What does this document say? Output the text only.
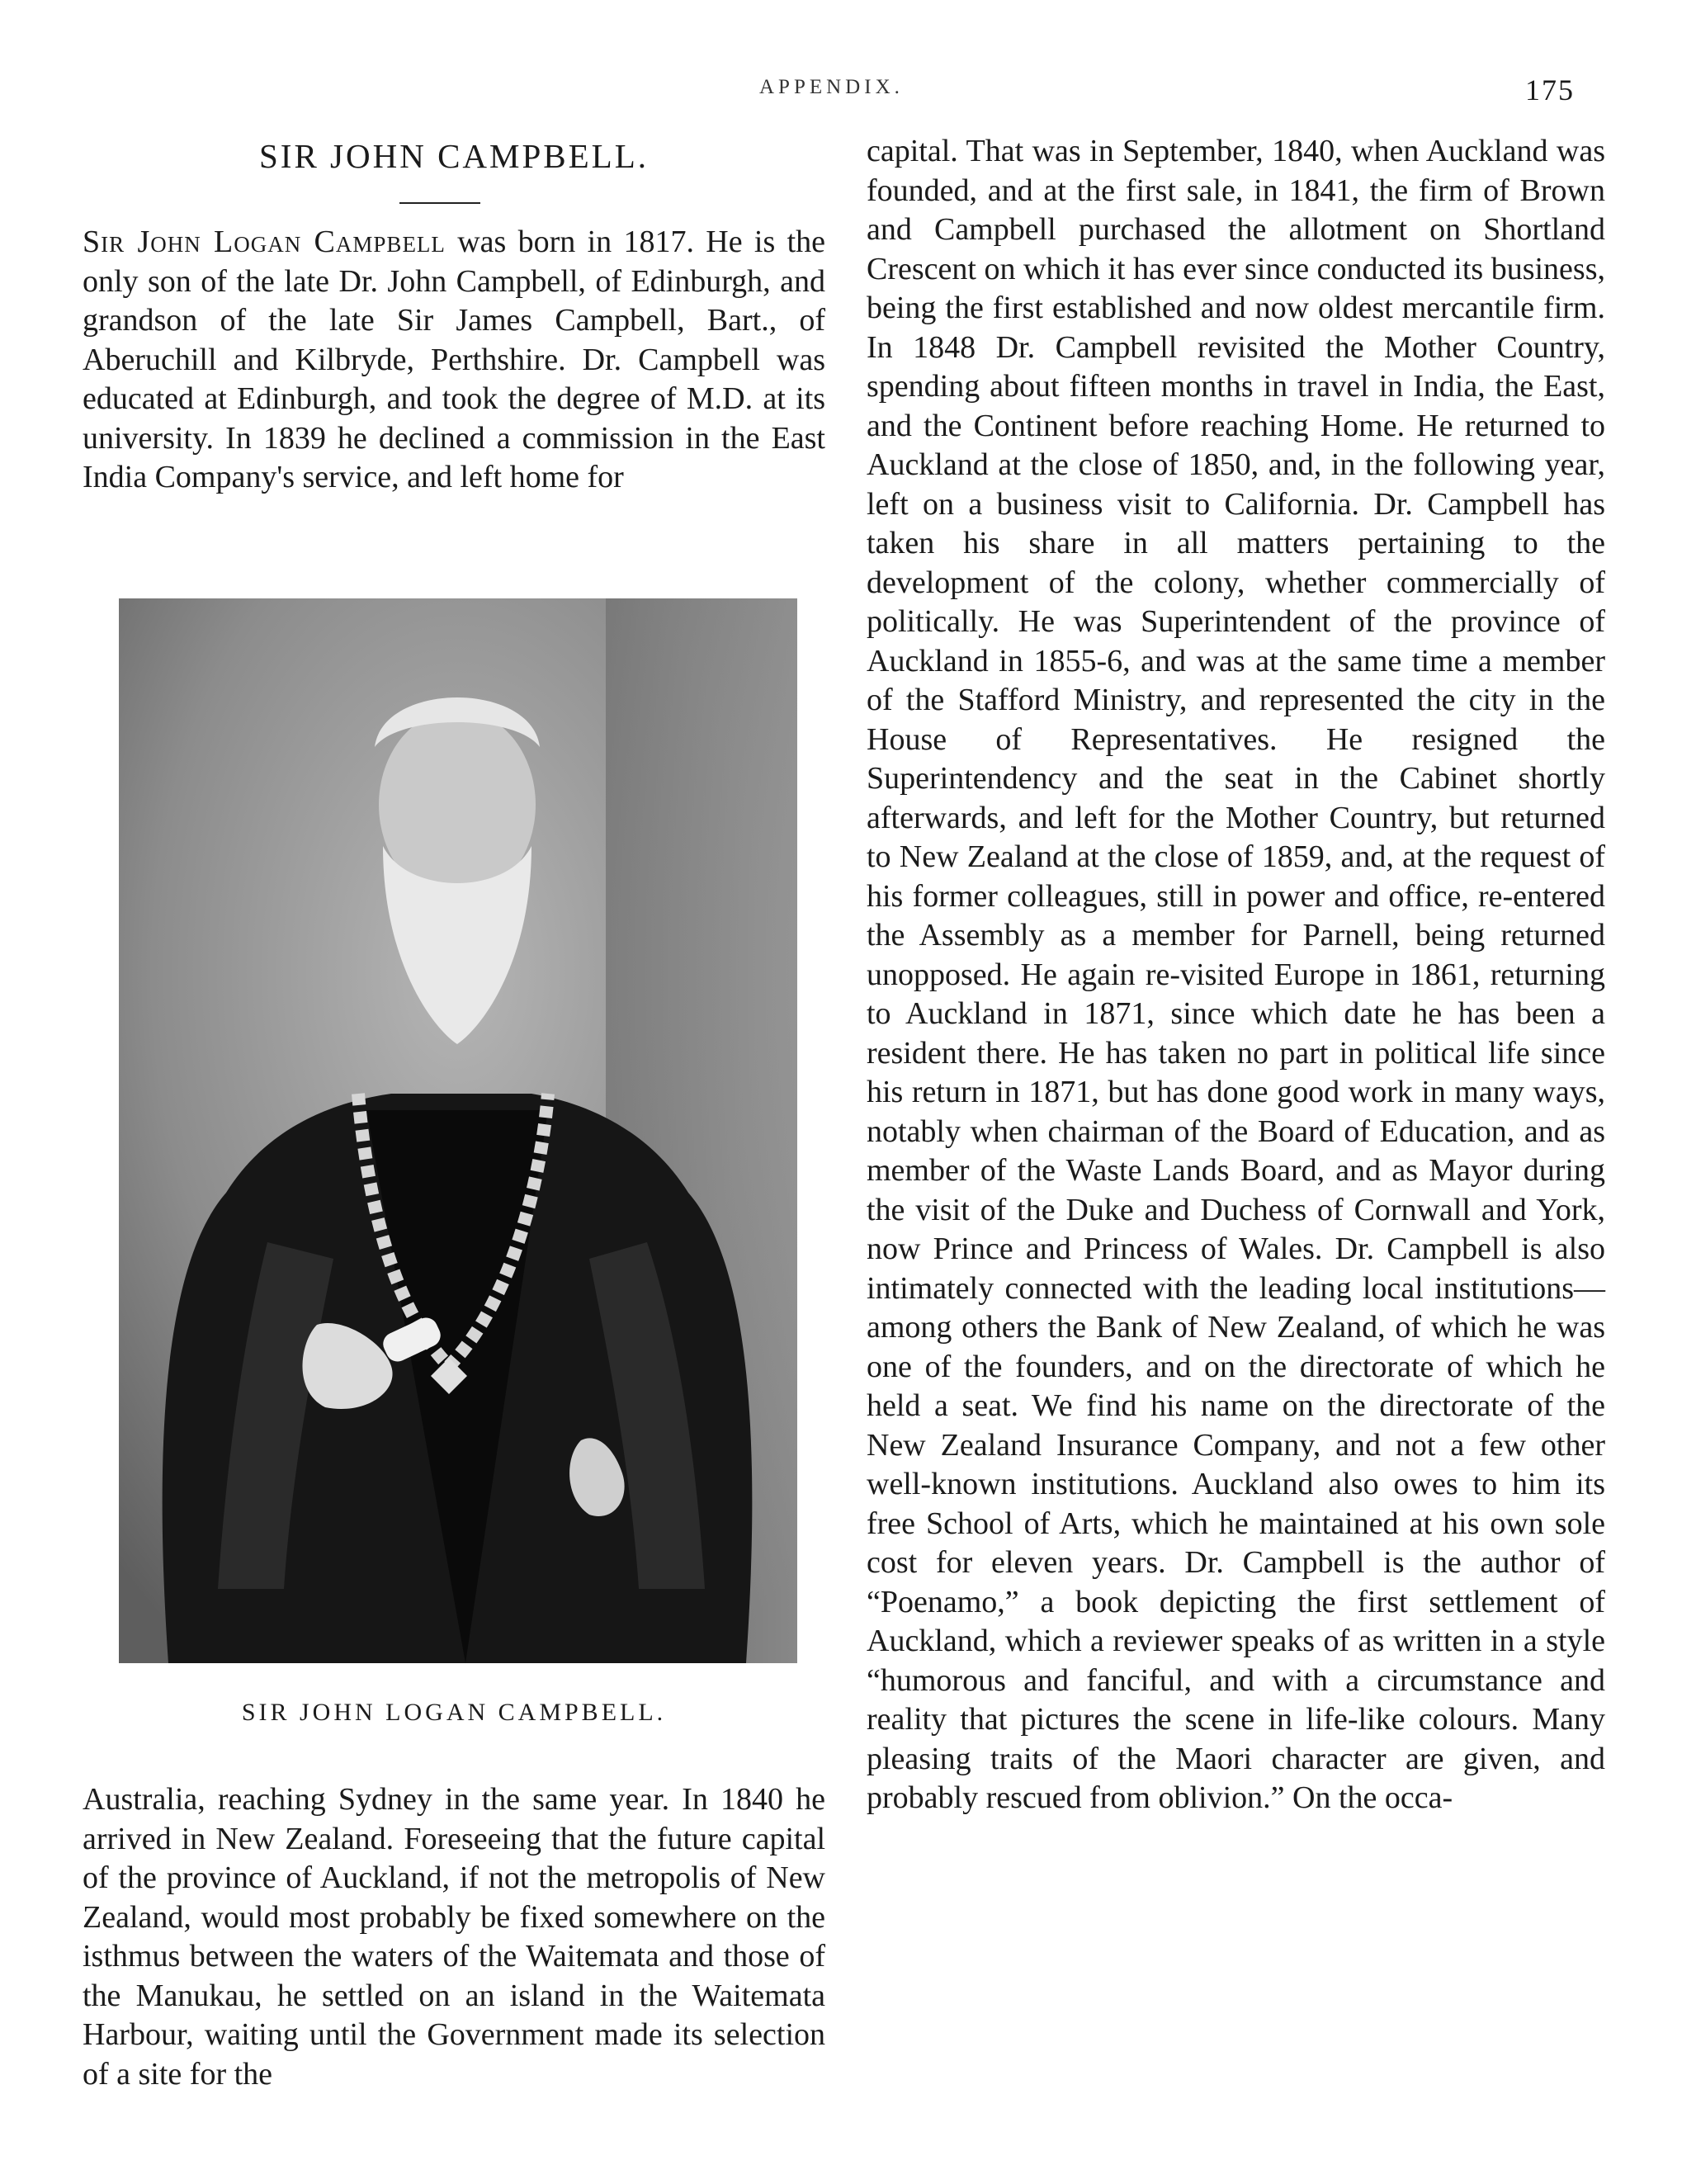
APPENDIX.	175
SIR JOHN CAMPBELL.

Sir John Logan Campbell was born in 1817. He is the only son of the late Dr. John Campbell, of Edinburgh, and grandson of the late Sir James Campbell, Bart., of Aberuchill and Kilbryde, Perthshire. Dr. Campbell was educated at Edinburgh, and took the degree of M.D. at its university. In 1839 he declined a commission in the East India Company's service, and left home for

SIR JOHN LOGAN CAMPBELL.

Australia, reaching Sydney in the same year. In 1840 he arrived in New Zealand. Foreseeing that the future capital of the province of Auckland, if not the metropolis of New Zealand, would most probably be fixed somewhere on the isthmus between the waters of the Waitemata and those of the Manukau, he settled on an island in the Waitemata Harbour, waiting until the Government made its selection of a site for the

capital. That was in September, 1840, when Auckland was founded, and at the first sale, in 1841, the firm of Brown and Campbell purchased the allotment on Shortland Crescent on which it has ever since conducted its business, being the first established and now oldest mercantile firm. In 1848 Dr. Campbell revisited the Mother Country, spending about fifteen months in travel in India, the East, and the Continent before reaching Home. He returned to Auckland at the close of 1850, and, in the following year, left on a business visit to California. Dr. Campbell has taken his share in all matters pertaining to the development of the colony, whether commercially of politically. He was Superintendent of the province of Auckland in 1855-6, and was at the same time a member of the Stafford Ministry, and represented the city in the House of Representatives. He resigned the Superintendency and the seat in the Cabinet shortly afterwards, and left for the Mother Country, but returned to New Zealand at the close of 1859, and, at the request of his former colleagues, still in power and office, re-entered the Assembly as a member for Parnell, being returned unopposed. He again re-visited Europe in 1861, returning to Auckland in 1871, since which date he has been a resident there. He has taken no part in political life since his return in 1871, but has done good work in many ways, notably when chairman of the Board of Education, and as member of the Waste Lands Board, and as Mayor during the visit of the Duke and Duchess of Cornwall and York, now Prince and Princess of Wales. Dr. Campbell is also intimately connected with the leading local institutions—among others the Bank of New Zealand, of which he was one of the founders, and on the directorate of which he held a seat. We find his name on the directorate of the New Zealand Insurance Company, and not a few other well-known institutions. Auckland also owes to him its free School of Arts, which he maintained at his own sole cost for eleven years. Dr. Campbell is the author of “Poenamo,” a book depicting the first settlement of Auckland, which a reviewer speaks of as written in a style “humorous and fanciful, and with a circumstance and reality that pictures the scene in life-like colours. Many pleasing traits of the Maori character are given, and probably rescued from oblivion.” On the occa-
